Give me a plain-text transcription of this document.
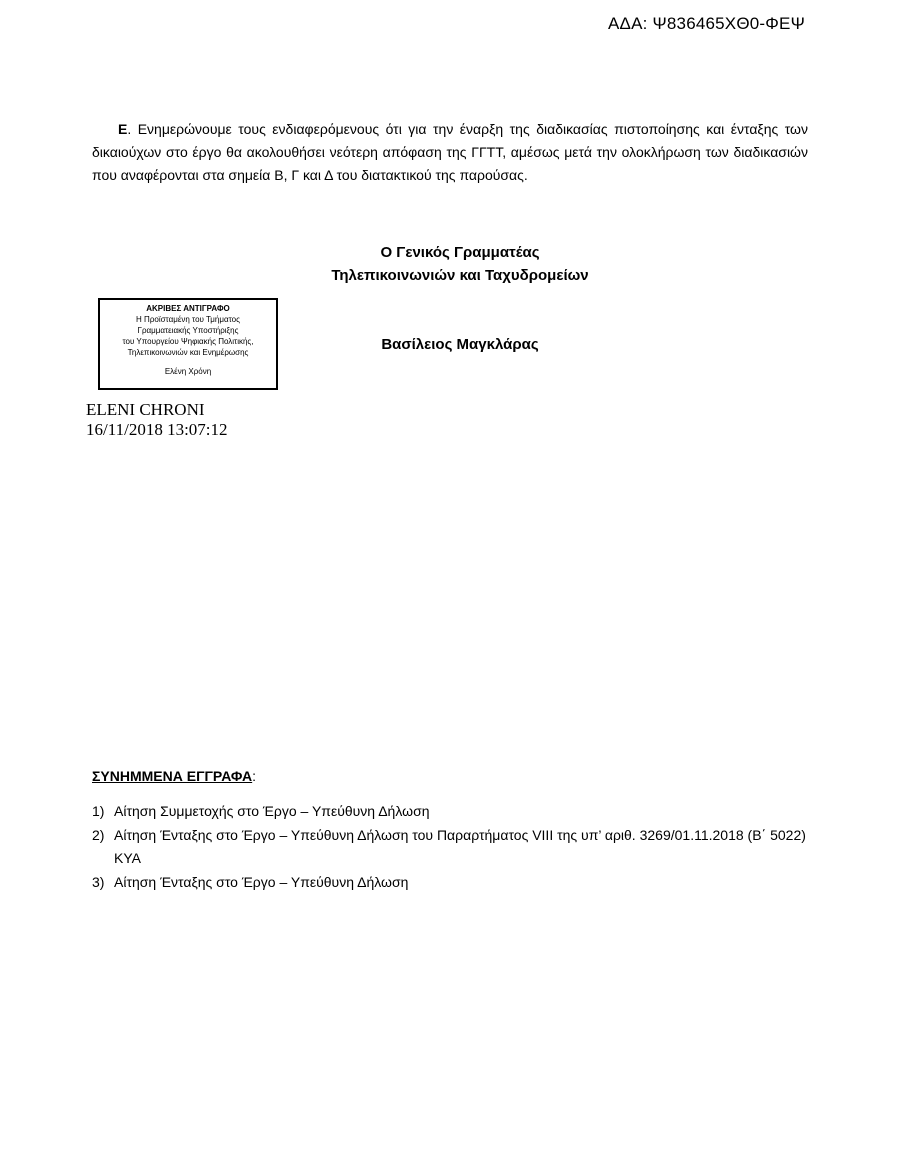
ΑΔΑ: Ψ836465ΧΘ0-ΦΕΨ

Ε. Ενημερώνουμε τους ενδιαφερόμενους ότι για την έναρξη της διαδικασίας πιστοποίησης και ένταξης των δικαιούχων στο έργο θα ακολουθήσει νεότερη απόφαση της ΓΓΤΤ, αμέσως μετά την ολοκλήρωση των διαδικασιών που αναφέρονται στα σημεία Β, Γ και Δ του διατακτικού της παρούσας.

Ο Γενικός Γραμματέας
Τηλεπικοινωνιών και Ταχυδρομείων
Βασίλειος Μαγκλάρας
ΑΚΡΙΒΕΣ ΑΝΤΙΓΡΑΦΟ
Η Προϊσταμένη του Τμήματος
Γραμματειακής Υποστήριξης
του Υπουργείου Ψηφιακής Πολιτικής,
Τηλεπικοινωνιών και Ενημέρωσης
Ελένη Χρόνη
ELENI CHRONI
16/11/2018 13:07:12
ΣΥΝΗΜΜΕΝΑ ΕΓΓΡΑΦΑ:
1) Αίτηση Συμμετοχής στο Έργο – Υπεύθυνη Δήλωση
2) Αίτηση Ένταξης στο Έργο – Υπεύθυνη Δήλωση του Παραρτήματος VIII της υπ’ αριθ. 3269/01.11.2018 (Β΄ 5022) ΚΥΑ
3) Αίτηση Ένταξης στο Έργο – Υπεύθυνη Δήλωση
